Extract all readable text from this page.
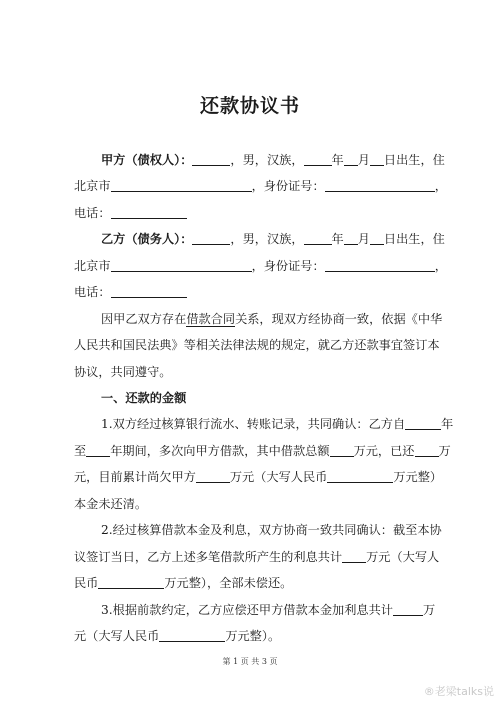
还款协议书
甲方（债权人）：	，男，汉族， 年 月 日出生，住
北京市	，身份证号：	，
电话：
乙方（债务人）：	，男，汉族， 年 月 日出生，住
北京市	，身份证号：	，
电话：
因甲乙双方存在借款合同关系，现双方经协商一致，依据《中华
人民共和国民法典》等相关法律法规的规定，就乙方还款事宜签订本
协议，共同遵守。
一、还款的金额
1.双方经过核算银行流水、转账记录，共同确认：乙方自	年
至 年期间，多次向甲方借款，其中借款总额 万元，已还 万
元，目前累计尚欠甲方	万元（大写人民币	万元整）
本金未还清。
2.经过核算借款本金及利息，双方协商一致共同确认：截至本协
议签订当日，乙方上述多笔借款所产生的利息共计 万元（大写人
民币	万元整），全部未偿还。
3.根据前款约定，乙方应偿还甲方借款本金加利息共计 万
元（大写人民币	万元整）。
第 1 页 共 3 页
®老梁talks说
